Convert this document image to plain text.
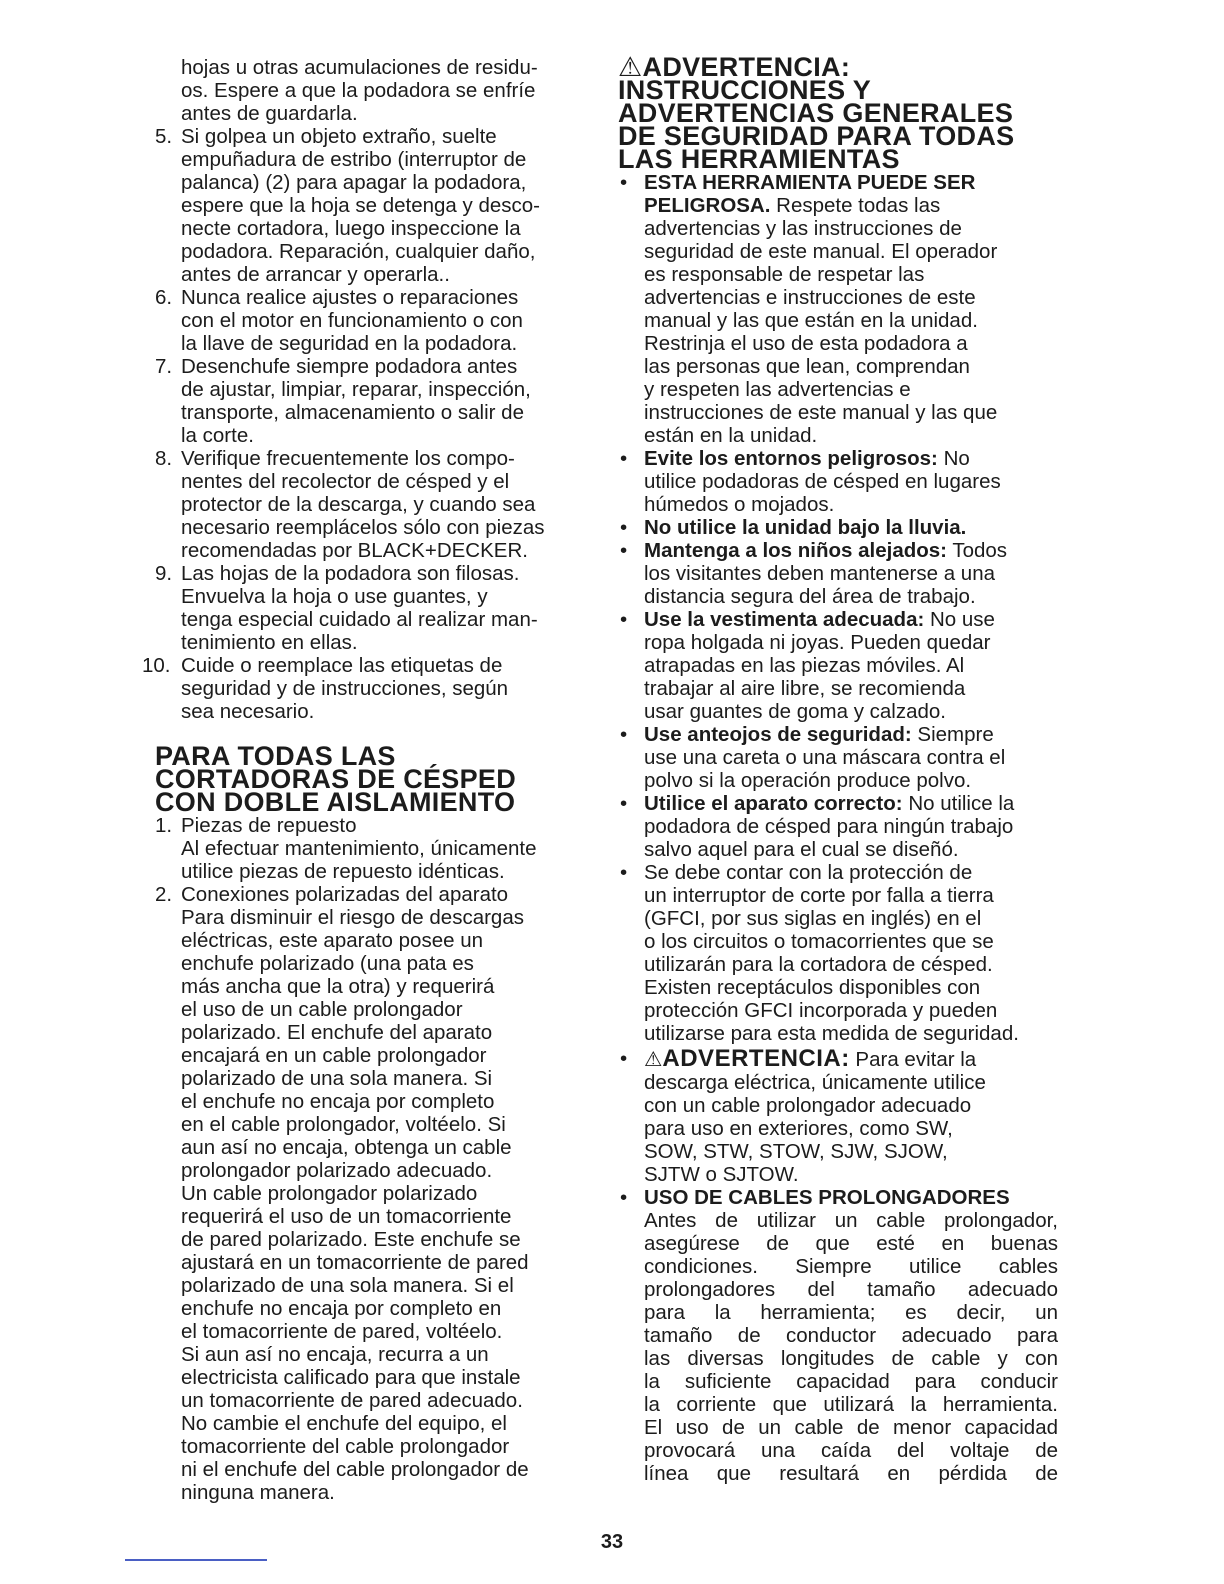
hojas u otras acumulaciones de residu-
os. Espere a que la podadora se enfríe
antes de guardarla.
5. Si golpea un objeto extraño, suelte
empuñadura de estribo (interruptor de
palanca) (2) para apagar la podadora,
espere que la hoja se detenga y desco-
necte cortadora, luego inspeccione la
podadora. Reparación, cualquier daño,
antes de arrancar y operarla..
6. Nunca realice ajustes o reparaciones
con el motor en funcionamiento o con
la llave de seguridad en la podadora.
7. Desenchufe siempre podadora antes
de ajustar, limpiar, reparar, inspección,
transporte, almacenamiento o salir de
la corte.
8. Verifique frecuentemente los compo-
nentes del recolector de césped y el
protector de la descarga, y cuando sea
necesario reemplácelos sólo con piezas
recomendadas por BLACK+DECKER.
9. Las hojas de la podadora son filosas.
Envuelva la hoja o use guantes, y
tenga especial cuidado al realizar man-
tenimiento en ellas.
10. Cuide o reemplace las etiquetas de
seguridad y de instrucciones, según
sea necesario.
PARA TODAS LAS
CORTADORAS DE CÉSPED
CON DOBLE AISLAMIENTO
1. Piezas de repuesto
Al efectuar mantenimiento, únicamente
utilice piezas de repuesto idénticas.
2. Conexiones polarizadas del aparato
Para disminuir el riesgo de descargas
eléctricas, este aparato posee un
enchufe polarizado (una pata es
más ancha que la otra) y requerirá
el uso de un cable prolongador
polarizado. El enchufe del aparato
encajará en un cable prolongador
polarizado de una sola manera. Si
el enchufe no encaja por completo
en el cable prolongador, voltéelo. Si
aun así no encaja, obtenga un cable
prolongador polarizado adecuado.
Un cable prolongador polarizado
requerirá el uso de un tomacorriente
de pared polarizado. Este enchufe se
ajustará en un tomacorriente de pared
polarizado de una sola manera. Si el
enchufe no encaja por completo en
el tomacorriente de pared, voltéelo.
Si aun así no encaja, recurra a un
electricista calificado para que instale
un tomacorriente de pared adecuado.
No cambie el enchufe del equipo, el
tomacorriente del cable prolongador
ni el enchufe del cable prolongador de
ninguna manera.
⚠ADVERTENCIA:
INSTRUCCIONES Y
ADVERTENCIAS GENERALES
DE SEGURIDAD PARA TODAS
LAS HERRAMIENTAS
• ESTA HERRAMIENTA PUEDE SER
PELIGROSA. Respete todas las
advertencias y las instrucciones de
seguridad de este manual. El operador
es responsable de respetar las
advertencias e instrucciones de este
manual y las que están en la unidad.
Restrinja el uso de esta podadora a
las personas que lean, comprendan
y respeten las advertencias e
instrucciones de este manual y las que
están en la unidad.
• Evite los entornos peligrosos: No
utilice podadoras de césped en lugares
húmedos o mojados.
• No utilice la unidad bajo la lluvia.
• Mantenga a los niños alejados: Todos
los visitantes deben mantenerse a una
distancia segura del área de trabajo.
• Use la vestimenta adecuada: No use
ropa holgada ni joyas. Pueden quedar
atrapadas en las piezas móviles. Al
trabajar al aire libre, se recomienda
usar guantes de goma y calzado.
• Use anteojos de seguridad: Siempre
use una careta o una máscara contra el
polvo si la operación produce polvo.
• Utilice el aparato correcto: No utilice la
podadora de césped para ningún trabajo
salvo aquel para el cual se diseñó.
• Se debe contar con la protección de
un interruptor de corte por falla a tierra
(GFCI, por sus siglas en inglés) en el
o los circuitos o tomacorrientes que se
utilizarán para la cortadora de césped.
Existen receptáculos disponibles con
protección GFCI incorporada y pueden
utilizarse para esta medida de seguridad.
• ⚠ADVERTENCIA: Para evitar la
descarga eléctrica, únicamente utilice
con un cable prolongador adecuado
para uso en exteriores, como SW,
SOW, STW, STOW, SJW, SJOW,
SJTW o SJTOW.
• USO DE CABLES PROLONGADORES
Antes de utilizar un cable prolongador,
asegúrese de que esté en buenas
condiciones. Siempre utilice cables
prolongadores del tamaño adecuado
para la herramienta; es decir, un
tamaño de conductor adecuado para
las diversas longitudes de cable y con
la suficiente capacidad para conducir
la corriente que utilizará la herramienta.
El uso de un cable de menor capacidad
provocará una caída del voltaje de
línea que resultará en pérdida de
33
